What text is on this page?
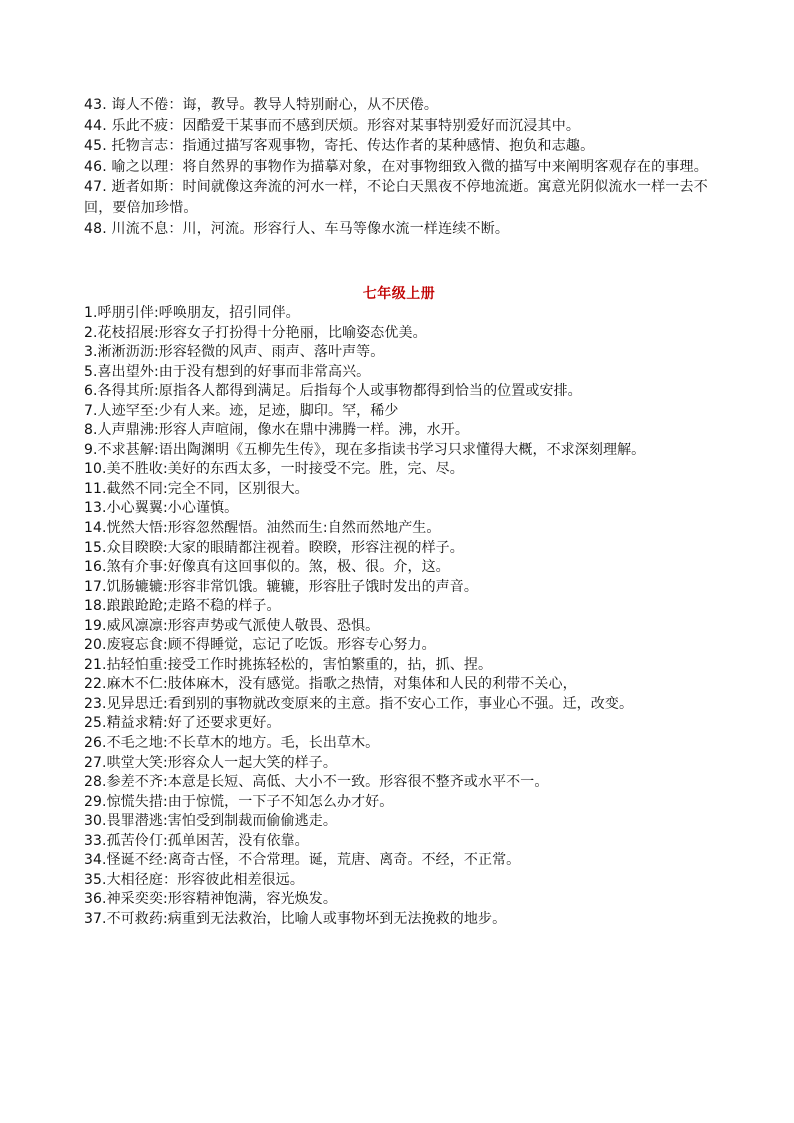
43. 诲人不倦：诲，教导。教导人特别耐心，从不厌倦。

44. 乐此不疲：因酷爱干某事而不感到厌烦。形容对某事特别爱好而沉浸其中。

45. 托物言志：指通过描写客观事物，寄托、传达作者的某种感情、抱负和志趣。

46. 喻之以理：将自然界的事物作为描摹对象，在对事物细致入微的描写中来阐明客观存在的事理。

47. 逝者如斯：时间就像这奔流的河水一样，不论白天黑夜不停地流逝。寓意光阴似流水一样一去不回，要倍加珍惜。

48. 川流不息：川，河流。形容行人、车马等像水流一样连续不断。

七年级上册

1.呼朋引伴:呼唤朋友，招引同伴。

2.花枝招展:形容女子打扮得十分艳丽，比喻姿态优美。

3.淅淅沥沥:形容轻微的风声、雨声、落叶声等。

5.喜出望外:由于没有想到的好事而非常高兴。

6.各得其所:原指各人都得到满足。后指每个人或事物都得到恰当的位置或安排。

7.人迹罕至:少有人来。迹，足迹，脚印。罕，稀少

8.人声鼎沸:形容人声喧闹，像水在鼎中沸腾一样。沸，水开。

9.不求甚解:语出陶渊明《五柳先生传》，现在多指读书学习只求懂得大概，不求深刻理解。

10.美不胜收:美好的东西太多，一时接受不完。胜，完、尽。

11.截然不同:完全不同，区别很大。

13.小心翼翼:小心谨慎。

14.恍然大悟:形容忽然醒悟。油然而生:自然而然地产生。

15.众目睽睽:大家的眼睛都注视着。睽睽，形容注视的样子。

16.煞有介事:好像真有这回事似的。煞，极、很。介，这。

17.饥肠辘辘:形容非常饥饿。辘辘，形容肚子饿时发出的声音。

18.踉踉跄跄;走路不稳的样子。

19.威风凛凛:形容声势或气派使人敬畏、恐惧。

20.废寝忘食:顾不得睡觉，忘记了吃饭。形容专心努力。

21.拈轻怕重:接受工作时挑拣轻松的，害怕繁重的，拈，抓、捏。

22.麻木不仁:肢体麻木，没有感觉。指歌之热情，对集体和人民的利带不关心，

23.见异思迁:看到别的事物就改变原来的主意。指不安心工作，事业心不强。迁，改变。

25.精益求精:好了还要求更好。

26.不毛之地:不长草木的地方。毛，长出草木。

27.哄堂大笑:形容众人一起大笑的样子。

28.参差不齐:本意是长短、高低、大小不一致。形容很不整齐或水平不一。

29.惊慌失措:由于惊慌，一下子不知怎么办才好。

30.畏罪潜逃:害怕受到制裁而偷偷逃走。

33.孤苦伶仃:孤单困苦，没有依靠。

34.怪诞不经:离奇古怪，不合常理。诞，荒唐、离奇。不经，不正常。

35.大相径庭：形容彼此相差很远。

36.神采奕奕:形容精神饱满，容光焕发。

37.不可救药:病重到无法救治，比喻人或事物坏到无法挽救的地步。
